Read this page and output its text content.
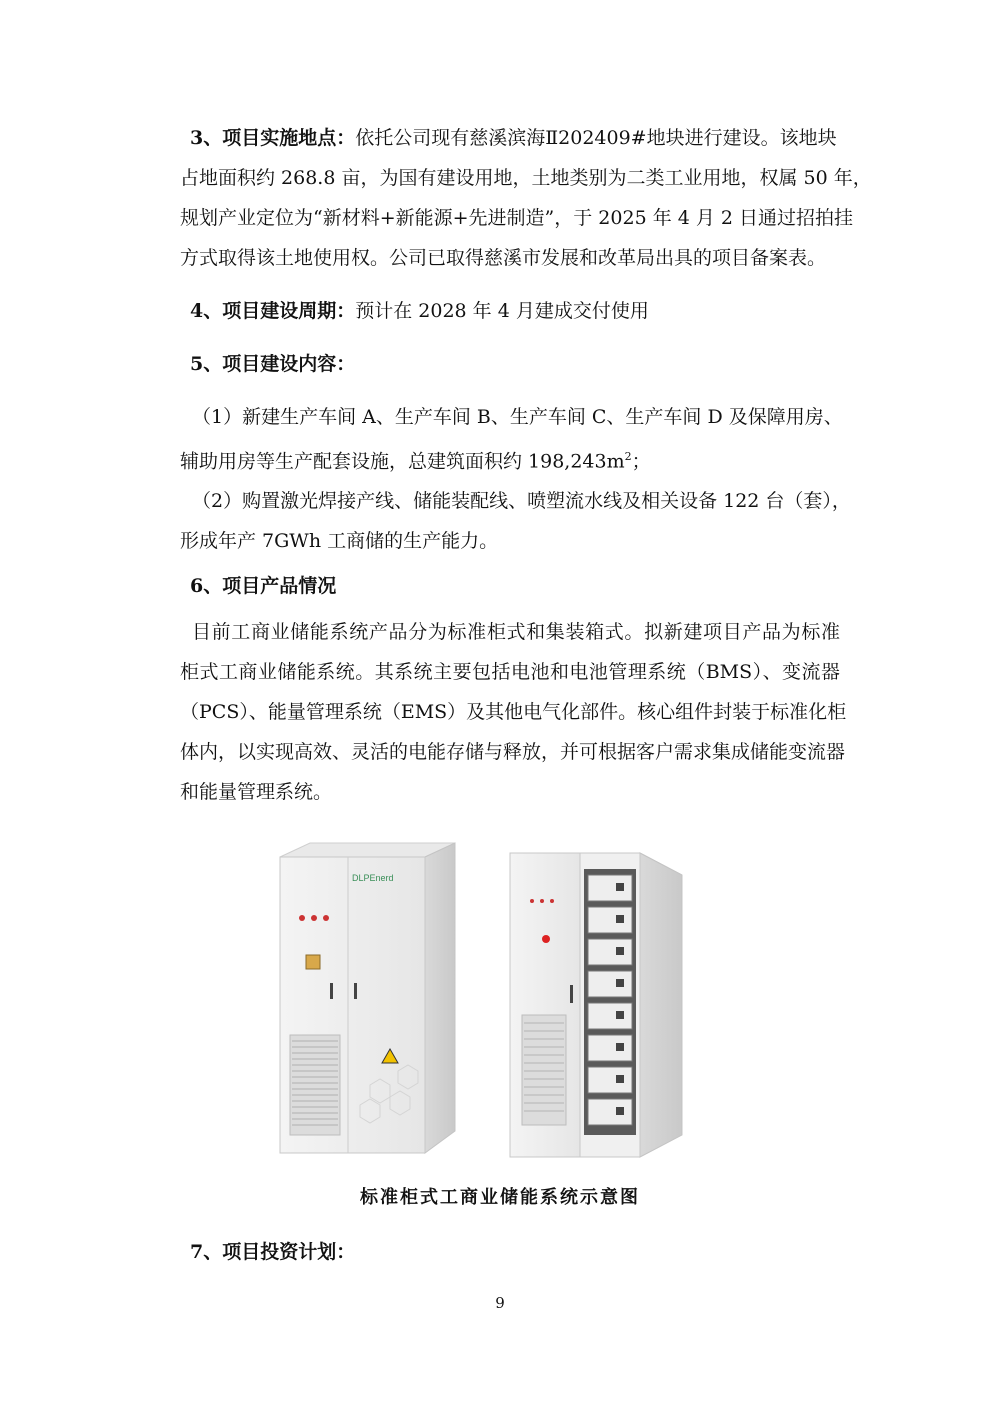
3、项目实施地点：依托公司现有慈溪滨海Ⅱ202409#地块进行建设。该地块
占地面积约 268.8 亩，为国有建设用地，土地类别为二类工业用地，权属 50 年，
规划产业定位为“新材料+新能源+先进制造”，于 2025 年 4 月 2 日通过招拍挂
方式取得该土地使用权。公司已取得慈溪市发展和改革局出具的项目备案表。
4、项目建设周期：预计在 2028 年 4 月建成交付使用
5、项目建设内容：
（1）新建生产车间 A、生产车间 B、生产车间 C、生产车间 D 及保障用房、
辅助用房等生产配套设施，总建筑面积约 $198,243m^2$；
（2）购置激光焊接产线、储能装配线、喷塑流水线及相关设备 122 台（套），
形成年产 7GWh 工商储的生产能力。
6、项目产品情况
目前工商业储能系统产品分为标准柜式和集装箱式。拟新建项目产品为标准
柜式工商业储能系统。其系统主要包括电池和电池管理系统（BMS）、变流器
（PCS）、能量管理系统（EMS）及其他电气化部件。核心组件封装于标准化柜
体内，以实现高效、灵活的电能存储与释放，并可根据客户需求集成储能变流器
和能量管理系统。
DLPEnerd
标准柜式工商业储能系统示意图
7、项目投资计划：
9
